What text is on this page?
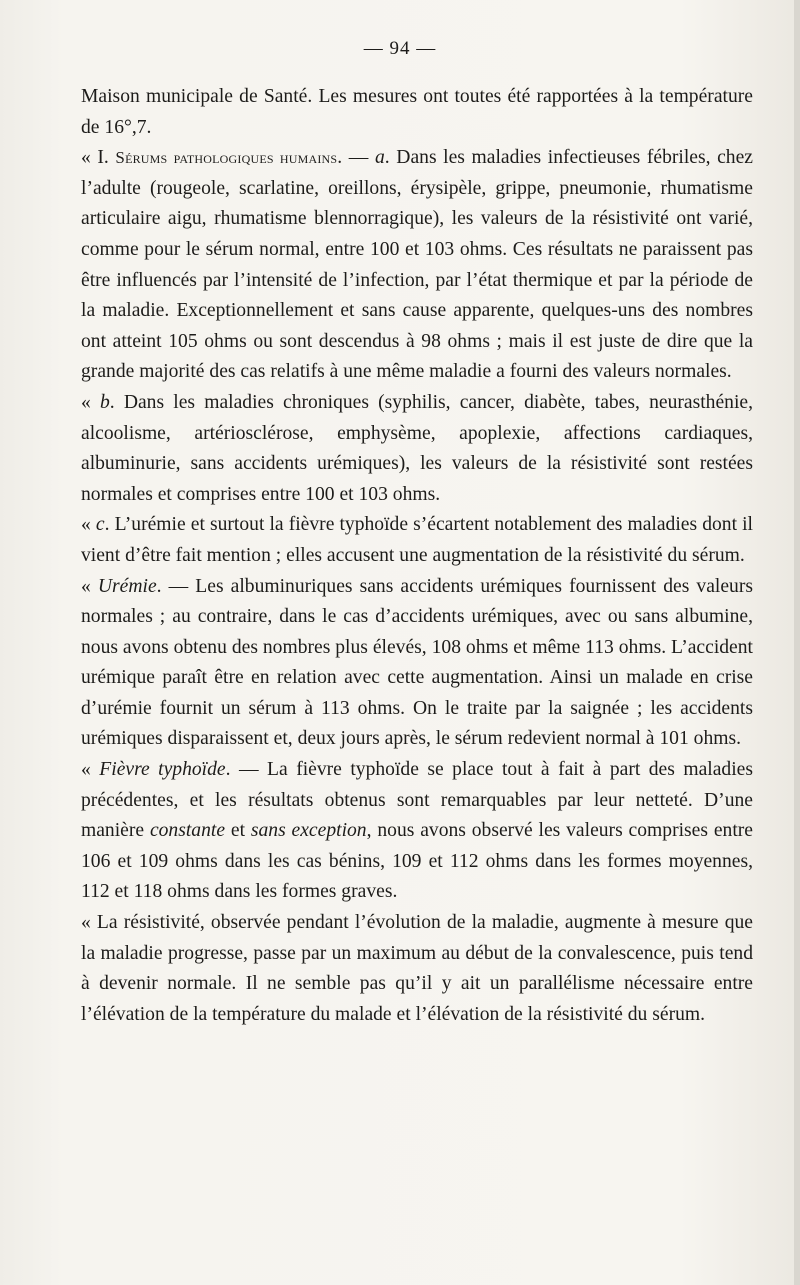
— 94 —

Maison municipale de Santé. Les mesures ont toutes été rapportées à la température de 16°,7.

« I. Sérums pathologiques humains. — a. Dans les maladies infectieuses fébriles, chez l’adulte (rougeole, scarlatine, oreillons, érysipèle, grippe, pneumonie, rhumatisme articulaire aigu, rhumatisme blennorragique), les valeurs de la résistivité ont varié, comme pour le sérum normal, entre 100 et 103 ohms. Ces résultats ne paraissent pas être influencés par l’intensité de l’infection, par l’état thermique et par la période de la maladie. Exceptionnellement et sans cause apparente, quelques-uns des nombres ont atteint 105 ohms ou sont descendus à 98 ohms ; mais il est juste de dire que la grande majorité des cas relatifs à une même maladie a fourni des valeurs normales.

« b. Dans les maladies chroniques (syphilis, cancer, diabète, tabes, neurasthénie, alcoolisme, artériosclérose, emphysème, apoplexie, affections cardiaques, albuminurie, sans accidents urémiques), les valeurs de la résistivité sont restées normales et comprises entre 100 et 103 ohms.

« c. L’urémie et surtout la fièvre typhoïde s’écartent notablement des maladies dont il vient d’être fait mention ; elles accusent une augmentation de la résistivité du sérum.

« Urémie. — Les albuminuriques sans accidents urémiques fournissent des valeurs normales ; au contraire, dans le cas d’accidents urémiques, avec ou sans albumine, nous avons obtenu des nombres plus élevés, 108 ohms et même 113 ohms. L’accident urémique paraît être en relation avec cette augmentation. Ainsi un malade en crise d’urémie fournit un sérum à 113 ohms. On le traite par la saignée ; les accidents urémiques disparaissent et, deux jours après, le sérum redevient normal à 101 ohms.

« Fièvre typhoïde. — La fièvre typhoïde se place tout à fait à part des maladies précédentes, et les résultats obtenus sont remarquables par leur netteté. D’une manière constante et sans exception, nous avons observé les valeurs comprises entre 106 et 109 ohms dans les cas bénins, 109 et 112 ohms dans les formes moyennes, 112 et 118 ohms dans les formes graves.

« La résistivité, observée pendant l’évolution de la maladie, augmente à mesure que la maladie progresse, passe par un maximum au début de la convalescence, puis tend à devenir normale. Il ne semble pas qu’il y ait un parallélisme nécessaire entre l’élévation de la température du malade et l’élévation de la résistivité du sérum.
